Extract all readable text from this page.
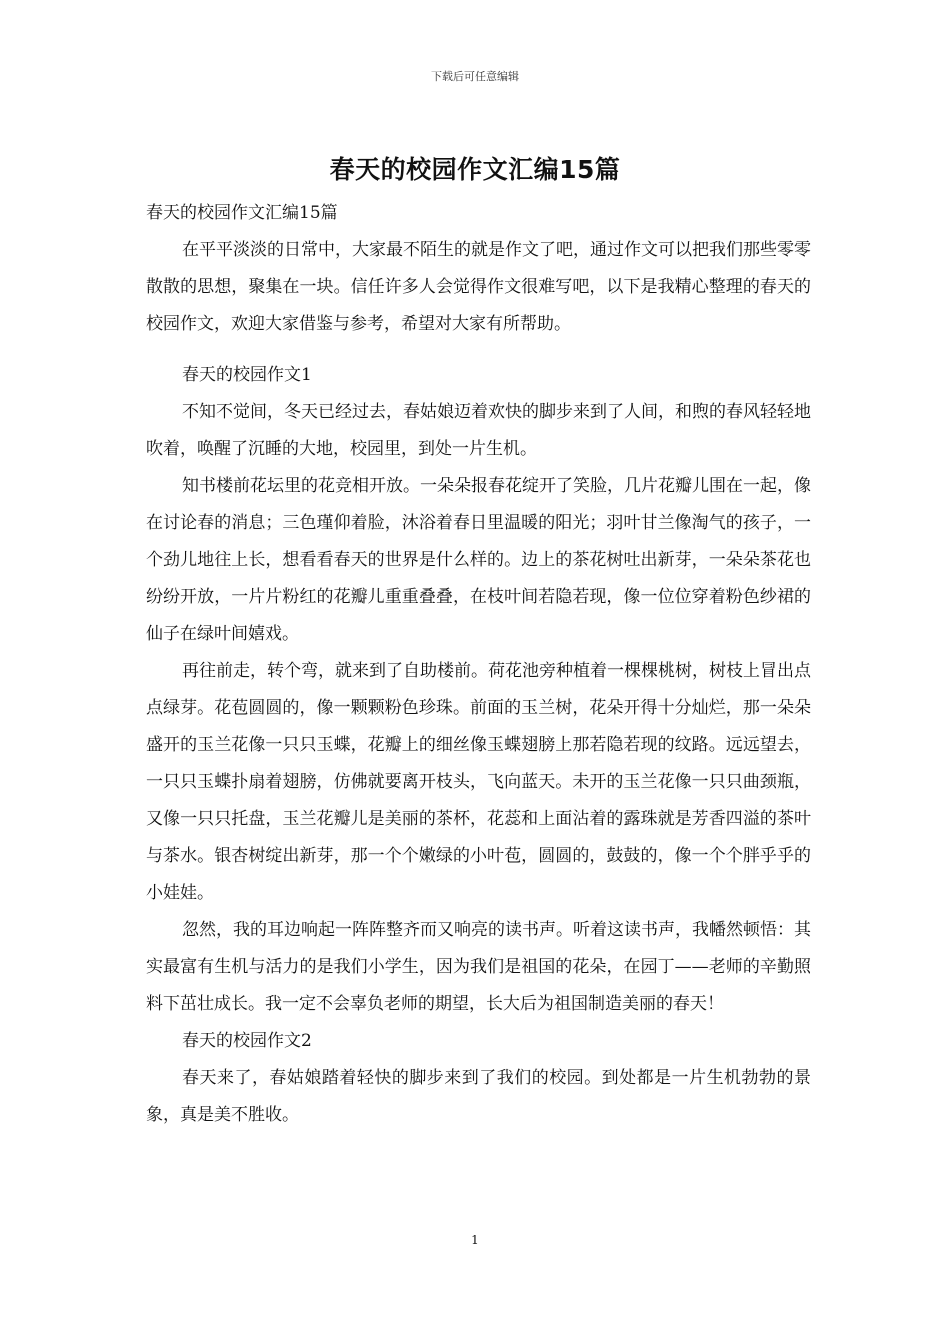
下载后可任意编辑
春天的校园作文汇编15篇

春天的校园作文汇编15篇

在平平淡淡的日常中，大家最不陌生的就是作文了吧，通过作文可以把我们那些零零散散的思想，聚集在一块。信任许多人会觉得作文很难写吧，以下是我精心整理的春天的校园作文，欢迎大家借鉴与参考，希望对大家有所帮助。

春天的校园作文1

不知不觉间，冬天已经过去，春姑娘迈着欢快的脚步来到了人间，和煦的春风轻轻地吹着，唤醒了沉睡的大地，校园里，到处一片生机。

知书楼前花坛里的花竞相开放。一朵朵报春花绽开了笑脸，几片花瓣儿围在一起，像在讨论春的消息；三色瑾仰着脸，沐浴着春日里温暖的阳光；羽叶甘兰像淘气的孩子，一个劲儿地往上长，想看看春天的世界是什么样的。边上的茶花树吐出新芽，一朵朵茶花也纷纷开放，一片片粉红的花瓣儿重重叠叠，在枝叶间若隐若现，像一位位穿着粉色纱裙的仙子在绿叶间嬉戏。

再往前走，转个弯，就来到了自助楼前。荷花池旁种植着一棵棵桃树，树枝上冒出点点绿芽。花苞圆圆的，像一颗颗粉色珍珠。前面的玉兰树，花朵开得十分灿烂，那一朵朵盛开的玉兰花像一只只玉蝶，花瓣上的细丝像玉蝶翅膀上那若隐若现的纹路。远远望去，一只只玉蝶扑扇着翅膀，仿佛就要离开枝头，飞向蓝天。未开的玉兰花像一只只曲颈瓶，又像一只只托盘，玉兰花瓣儿是美丽的茶杯，花蕊和上面沾着的露珠就是芳香四溢的茶叶与茶水。银杏树绽出新芽，那一个个嫩绿的小叶苞，圆圆的，鼓鼓的，像一个个胖乎乎的小娃娃。

忽然，我的耳边响起一阵阵整齐而又响亮的读书声。听着这读书声，我幡然顿悟：其实最富有生机与活力的是我们小学生，因为我们是祖国的花朵，在园丁——老师的辛勤照料下茁壮成长。我一定不会辜负老师的期望，长大后为祖国制造美丽的春天！

春天的校园作文2

春天来了，春姑娘踏着轻快的脚步来到了我们的校园。到处都是一片生机勃勃的景象，真是美不胜收。

1
